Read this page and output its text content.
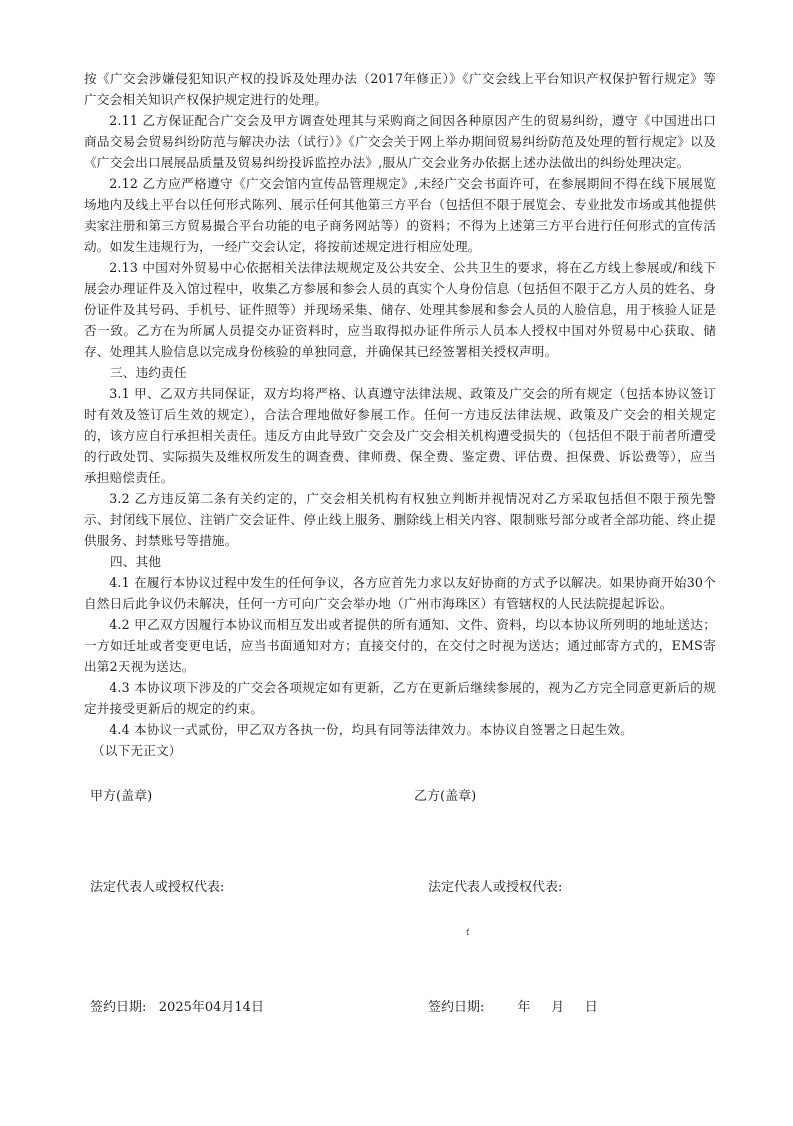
按《广交会涉嫌侵犯知识产权的投诉及处理办法（2017年修正）》《广交会线上平台知识产权保护暂行规定》等广交会相关知识产权保护规定进行的处理。

2.11 乙方保证配合广交会及甲方调查处理其与采购商之间因各种原因产生的贸易纠纷，遵守《中国进出口商品交易会贸易纠纷防范与解决办法（试行）》《广交会关于网上举办期间贸易纠纷防范及处理的暂行规定》以及《广交会出口展展品质量及贸易纠纷投诉监控办法》,服从广交会业务办依据上述办法做出的纠纷处理决定。

2.12 乙方应严格遵守《广交会馆内宣传品管理规定》,未经广交会书面许可，在参展期间不得在线下展展览场地内及线上平台以任何形式陈列、展示任何其他第三方平台（包括但不限于展览会、专业批发市场或其他提供卖家注册和第三方贸易撮合平台功能的电子商务网站等）的资料；不得为上述第三方平台进行任何形式的宣传活动。如发生违规行为，一经广交会认定，将按前述规定进行相应处理。

2.13 中国对外贸易中心依据相关法律法规规定及公共安全、公共卫生的要求，将在乙方线上参展或/和线下展会办理证件及入馆过程中，收集乙方参展和参会人员的真实个人身份信息（包括但不限于乙方人员的姓名、身份证件及其号码、手机号、证件照等）并现场采集、储存、处理其参展和参会人员的人脸信息，用于核验人证是否一致。乙方在为所属人员提交办证资料时，应当取得拟办证件所示人员本人授权中国对外贸易中心获取、储存、处理其人脸信息以完成身份核验的单独同意，并确保其已经签署相关授权声明。

三、违约责任

3.1 甲、乙双方共同保证，双方均将严格、认真遵守法律法规、政策及广交会的所有规定（包括本协议签订时有效及签订后生效的规定），合法合理地做好参展工作。任何一方违反法律法规、政策及广交会的相关规定的，该方应自行承担相关责任。违反方由此导致广交会及广交会相关机构遭受损失的（包括但不限于前者所遭受的行政处罚、实际损失及维权所发生的调查费、律师费、保全费、鉴定费、评估费、担保费、诉讼费等），应当承担赔偿责任。

3.2 乙方违反第二条有关约定的，广交会相关机构有权独立判断并视情况对乙方采取包括但不限于预先警示、封闭线下展位、注销广交会证件、停止线上服务、删除线上相关内容、限制账号部分或者全部功能、终止提供服务、封禁账号等措施。

四、其他

4.1 在履行本协议过程中发生的任何争议，各方应首先力求以友好协商的方式予以解决。如果协商开始30个自然日后此争议仍未解决，任何一方可向广交会举办地（广州市海珠区）有管辖权的人民法院提起诉讼。

4.2 甲乙双方因履行本协议而相互发出或者提供的所有通知、文件、资料，均以本协议所列明的地址送达；一方如迁址或者变更电话，应当书面通知对方；直接交付的，在交付之时视为送达；通过邮寄方式的，EMS寄出第2天视为送达。

4.3 本协议项下涉及的广交会各项规定如有更新，乙方在更新后继续参展的，视为乙方完全同意更新后的规定并接受更新后的规定的约束。

4.4 本协议一式贰份，甲乙双方各执一份，均具有同等法律效力。本协议自签署之日起生效。

（以下无正文）

甲方(盖章)	乙方(盖章)
法定代表人或授权代表:	法定代表人或授权代表:
ť
签约日期:   2025年04月14日	签约日期:        年     月     日
